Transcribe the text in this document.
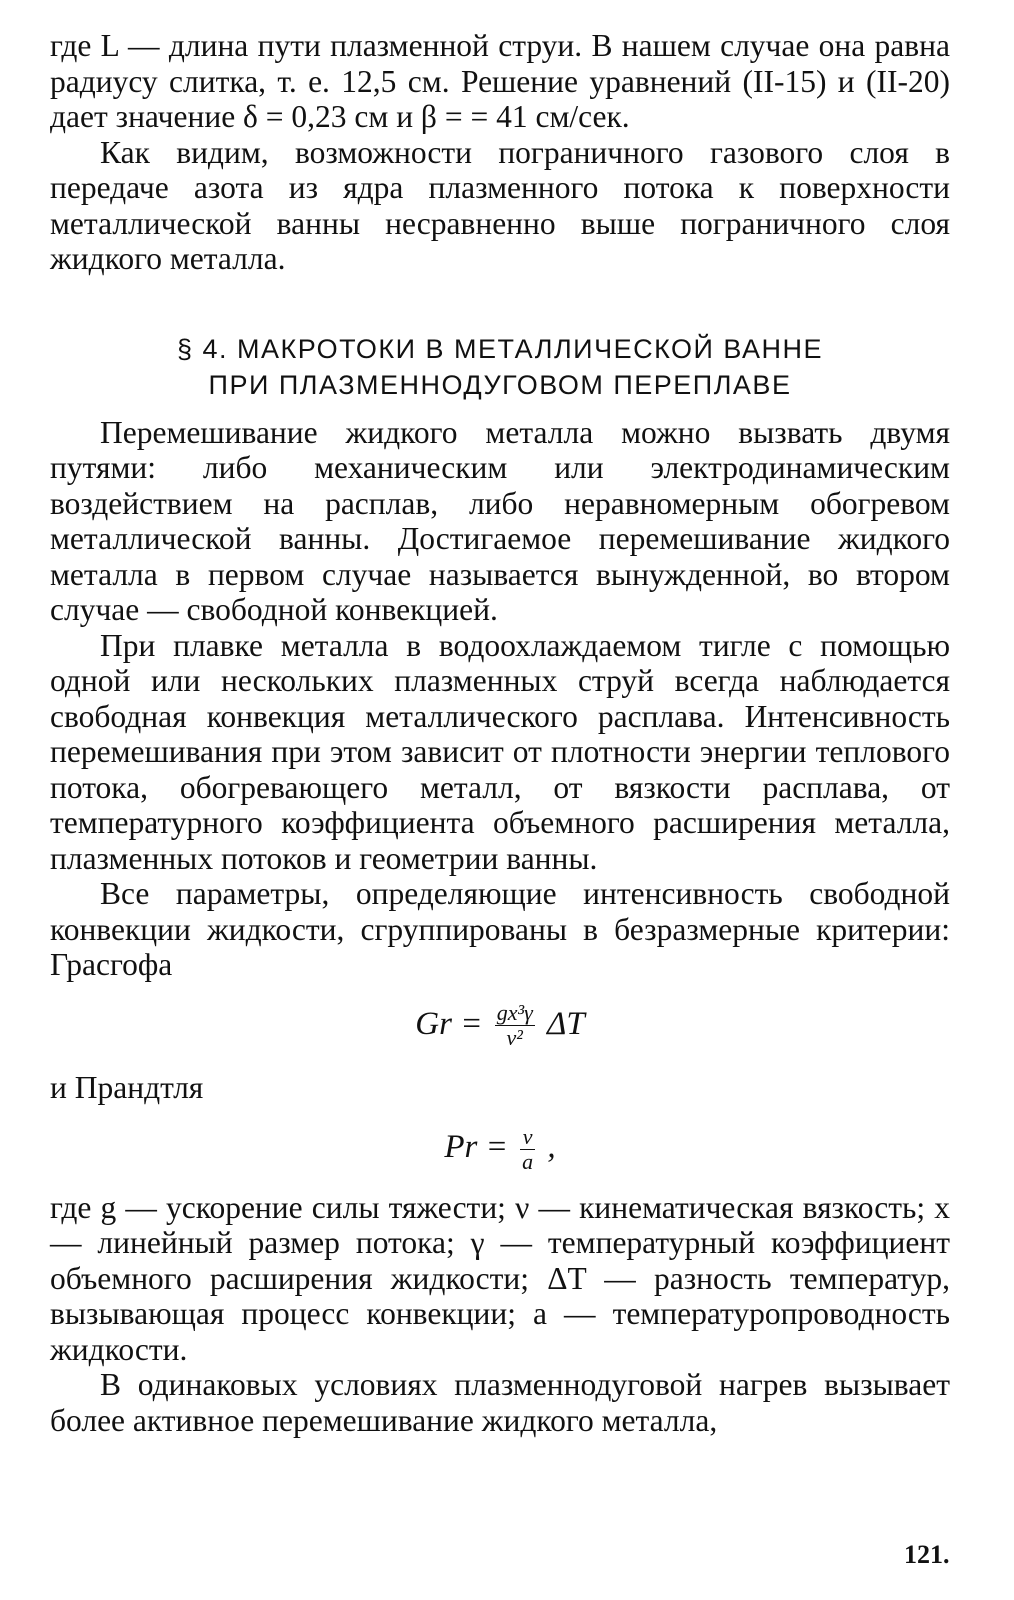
где L — длина пути плазменной струи. В нашем случае она равна радиусу слитка, т. е. 12,5 см. Решение уравнений (II-15) и (II-20) дает значение δ = 0,23 см и β = = 41 см/сек.

Как видим, возможности пограничного газового слоя в передаче азота из ядра плазменного потока к поверхности металлической ванны несравненно выше пограничного слоя жидкого металла.

§ 4. МАКРОТОКИ В МЕТАЛЛИЧЕСКОЙ ВАННЕ
ПРИ ПЛАЗМЕННОДУГОВОМ ПЕРЕПЛАВЕ

Перемешивание жидкого металла можно вызвать двумя путями: либо механическим или электродинамическим воздействием на расплав, либо неравномерным обогревом металлической ванны. Достигаемое перемешивание жидкого металла в первом случае называется вынужденной, во втором случае — свободной конвекцией.

При плавке металла в водоохлаждаемом тигле с помощью одной или нескольких плазменных струй всегда наблюдается свободная конвекция металлического расплава. Интенсивность перемешивания при этом зависит от плотности энергии теплового потока, обогревающего металл, от вязкости расплава, от температурного коэффициента объемного расширения металла, плазменных потоков и геометрии ванны.

Все параметры, определяющие интенсивность свободной конвекции жидкости, сгруппированы в безразмерные критерии: Грасгофа

$Gr = \frac{\text{gx³γ}}{\text{ν²}}$ ΔT

и Прандтля

$Pr = \frac{\nu}{a}$ ,

где g — ускорение силы тяжести; ν — кинематическая вязкость; x — линейный размер потока; γ — температурный коэффициент объемного расширения жидкости; ΔT — разность температур, вызывающая процесс конвекции; a — температуропроводность жидкости.

В одинаковых условиях плазменнодуговой нагрев вызывает более активное перемешивание жидкого металла,

121.
